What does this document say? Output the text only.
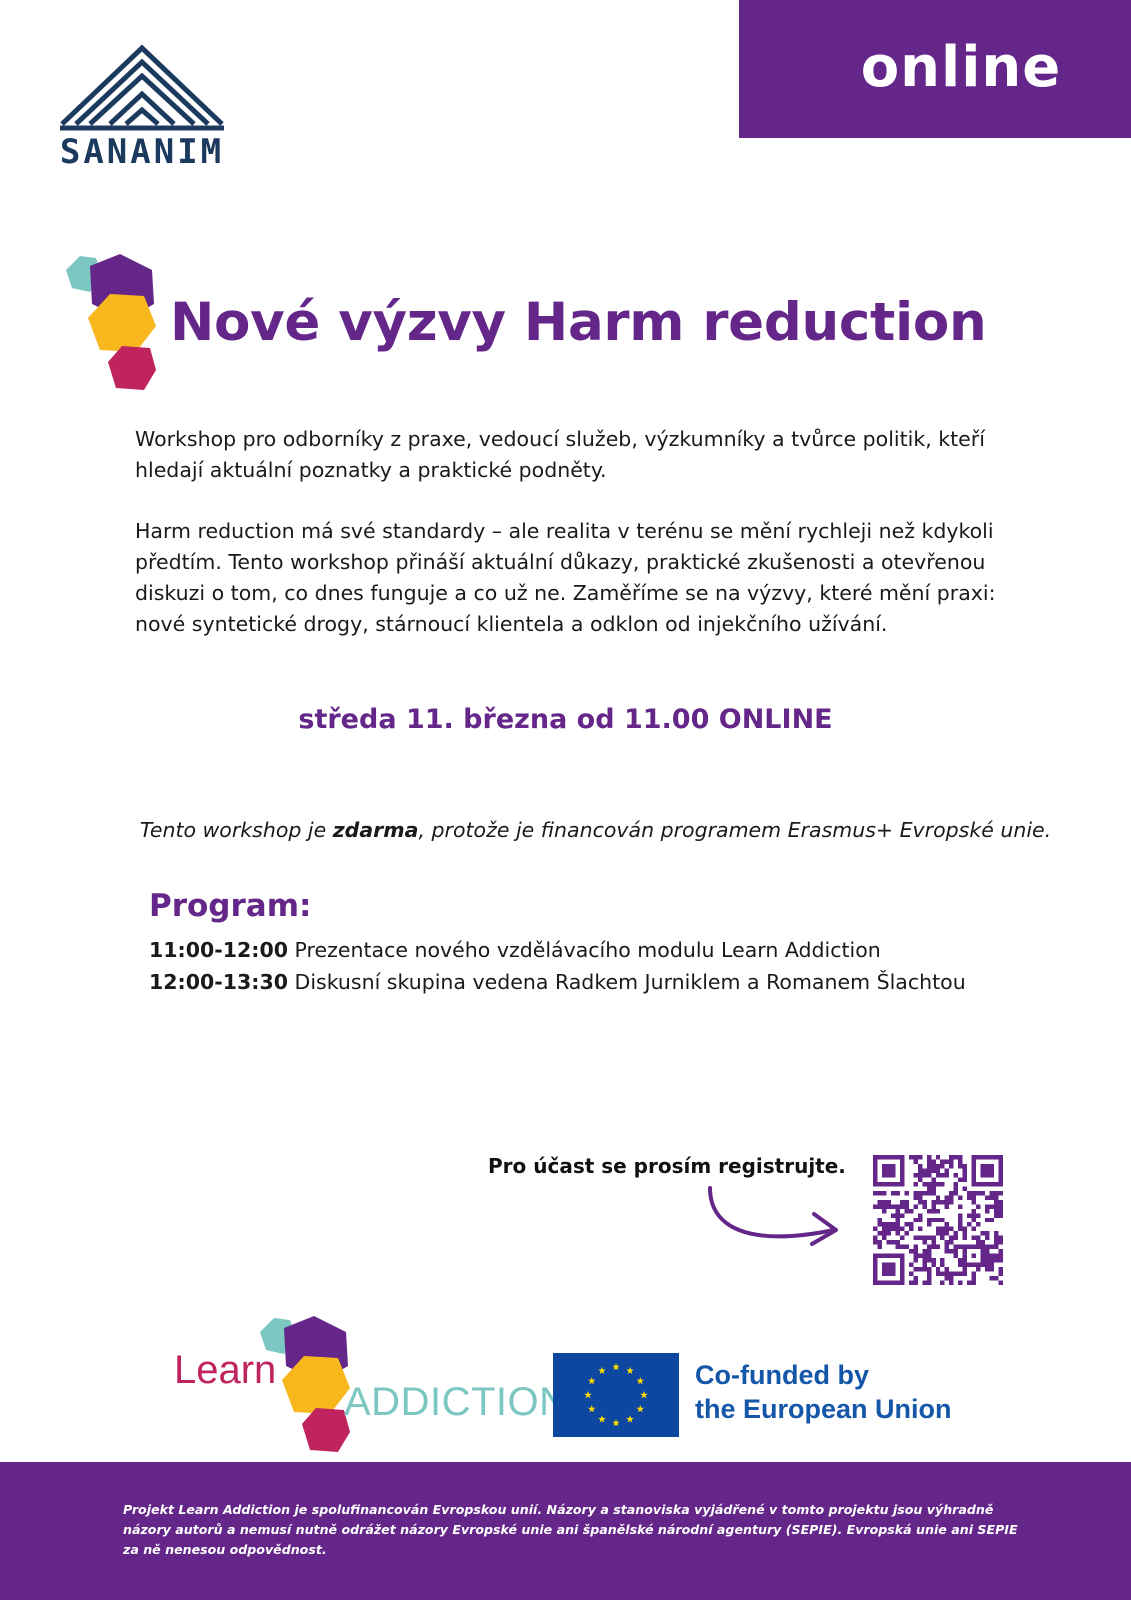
online
SANANIM
Nové výzvy Harm reduction

Workshop pro odborníky z praxe, vedoucí služeb, výzkumníky a tvůrce politik, kteří hledají aktuální poznatky a praktické podněty.

Harm reduction má své standardy – ale realita v terénu se mění rychleji než kdykoli předtím. Tento workshop přináší aktuální důkazy, praktické zkušenosti a otevřenou diskuzi o tom, co dnes funguje a co už ne. Zaměříme se na výzvy, které mění praxi: nové syntetické drogy, stárnoucí klientela a odklon od injekčního užívání.

středa 11. března od 11.00 ONLINE

Tento workshop je zdarma, protože je financován programem Erasmus+ Evropské unie.

Program:
11:00-12:00 Prezentace nového vzdělávacího modulu Learn Addiction
12:00-13:30 Diskusní skupina vedena Radkem Jurniklem a Romanem Šlachtou

Pro účast se prosím registrujte.

Learn
ADDICTION

Co-funded by
the European Union

Projekt Learn Addiction je spolufinancován Evropskou unií. Názory a stanoviska vyjádřené v tomto projektu jsou výhradně názory autorů a nemusí nutně odrážet názory Evropské unie ani španělské národní agentury (SEPIE). Evropská unie ani SEPIE za ně nenesou odpovědnost.
